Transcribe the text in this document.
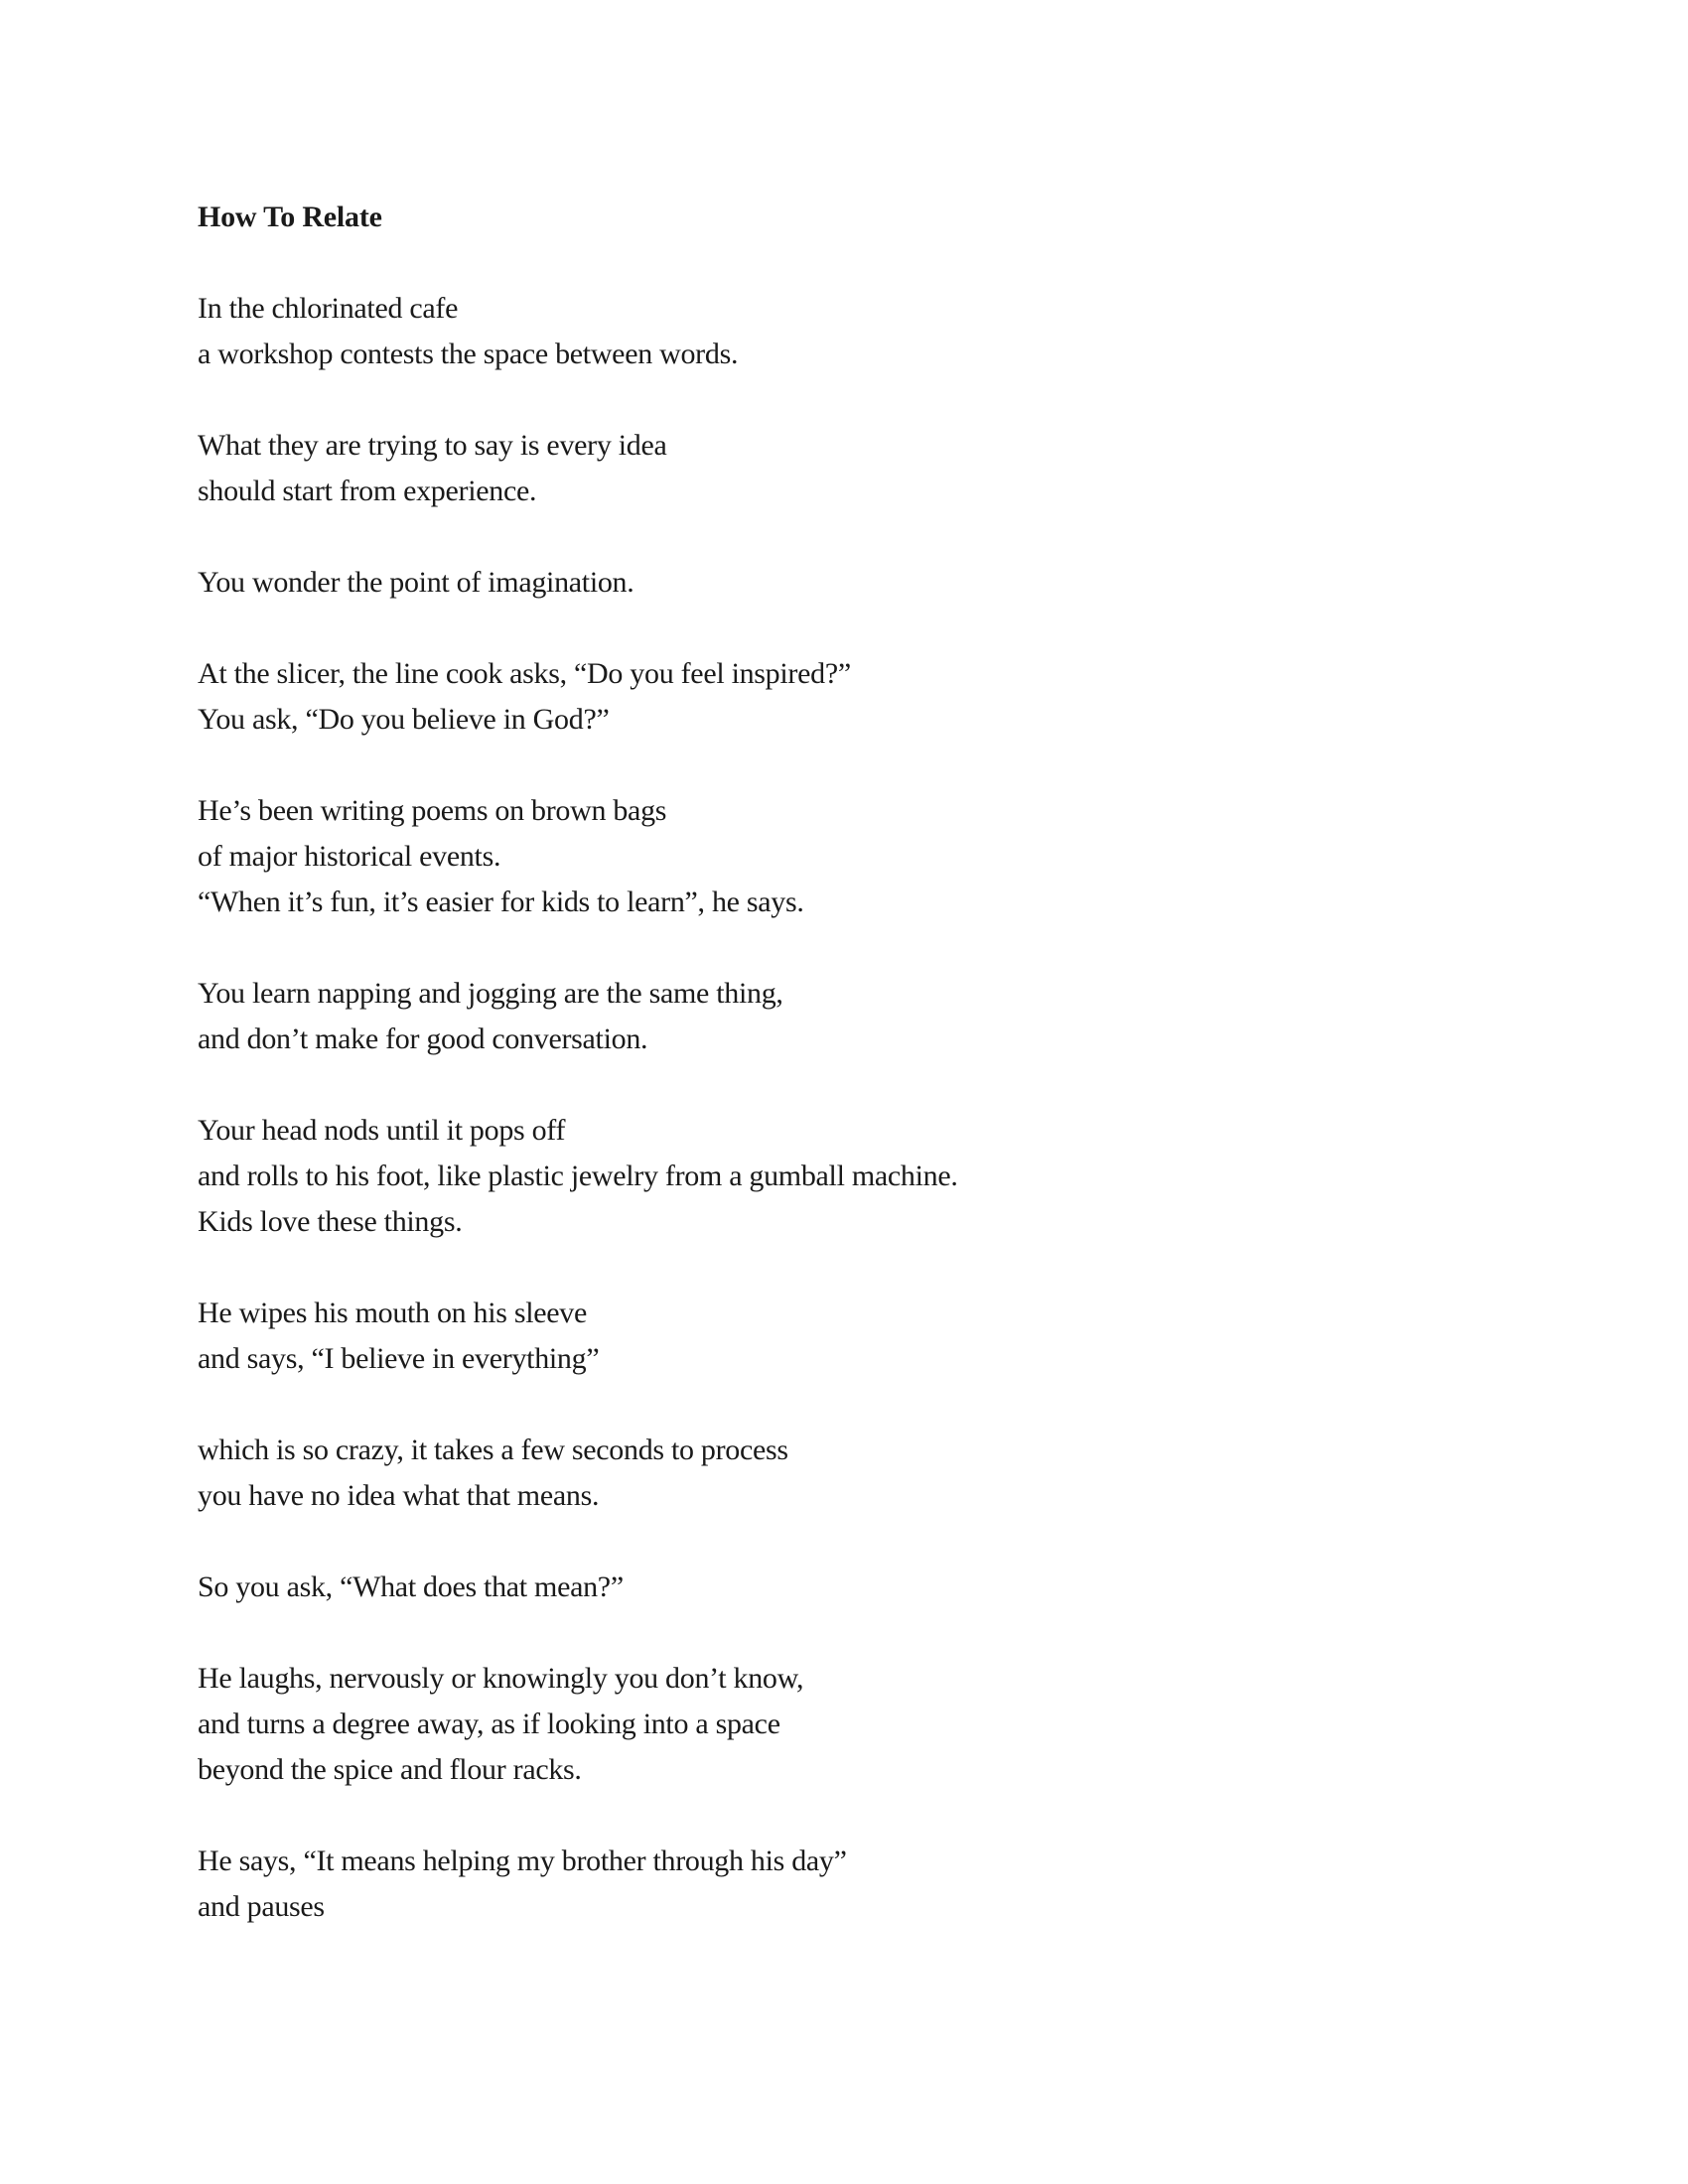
How To Relate
In the chlorinated cafe
a workshop contests the space between words.
What they are trying to say is every idea
should start from experience.
You wonder the point of imagination.
At the slicer, the line cook asks, “Do you feel inspired?”
You ask, “Do you believe in God?”
He’s been writing poems on brown bags
of major historical events.
“When it’s fun, it’s easier for kids to learn”, he says.
You learn napping and jogging are the same thing,
and don’t make for good conversation.
Your head nods until it pops off
and rolls to his foot, like plastic jewelry from a gumball machine.
Kids love these things.
He wipes his mouth on his sleeve
and says, “I believe in everything”
which is so crazy, it takes a few seconds to process
you have no idea what that means.
So you ask, “What does that mean?”
He laughs, nervously or knowingly you don’t know,
and turns a degree away, as if looking into a space
beyond the spice and flour racks.
He says, “It means helping my brother through his day”
and pauses
